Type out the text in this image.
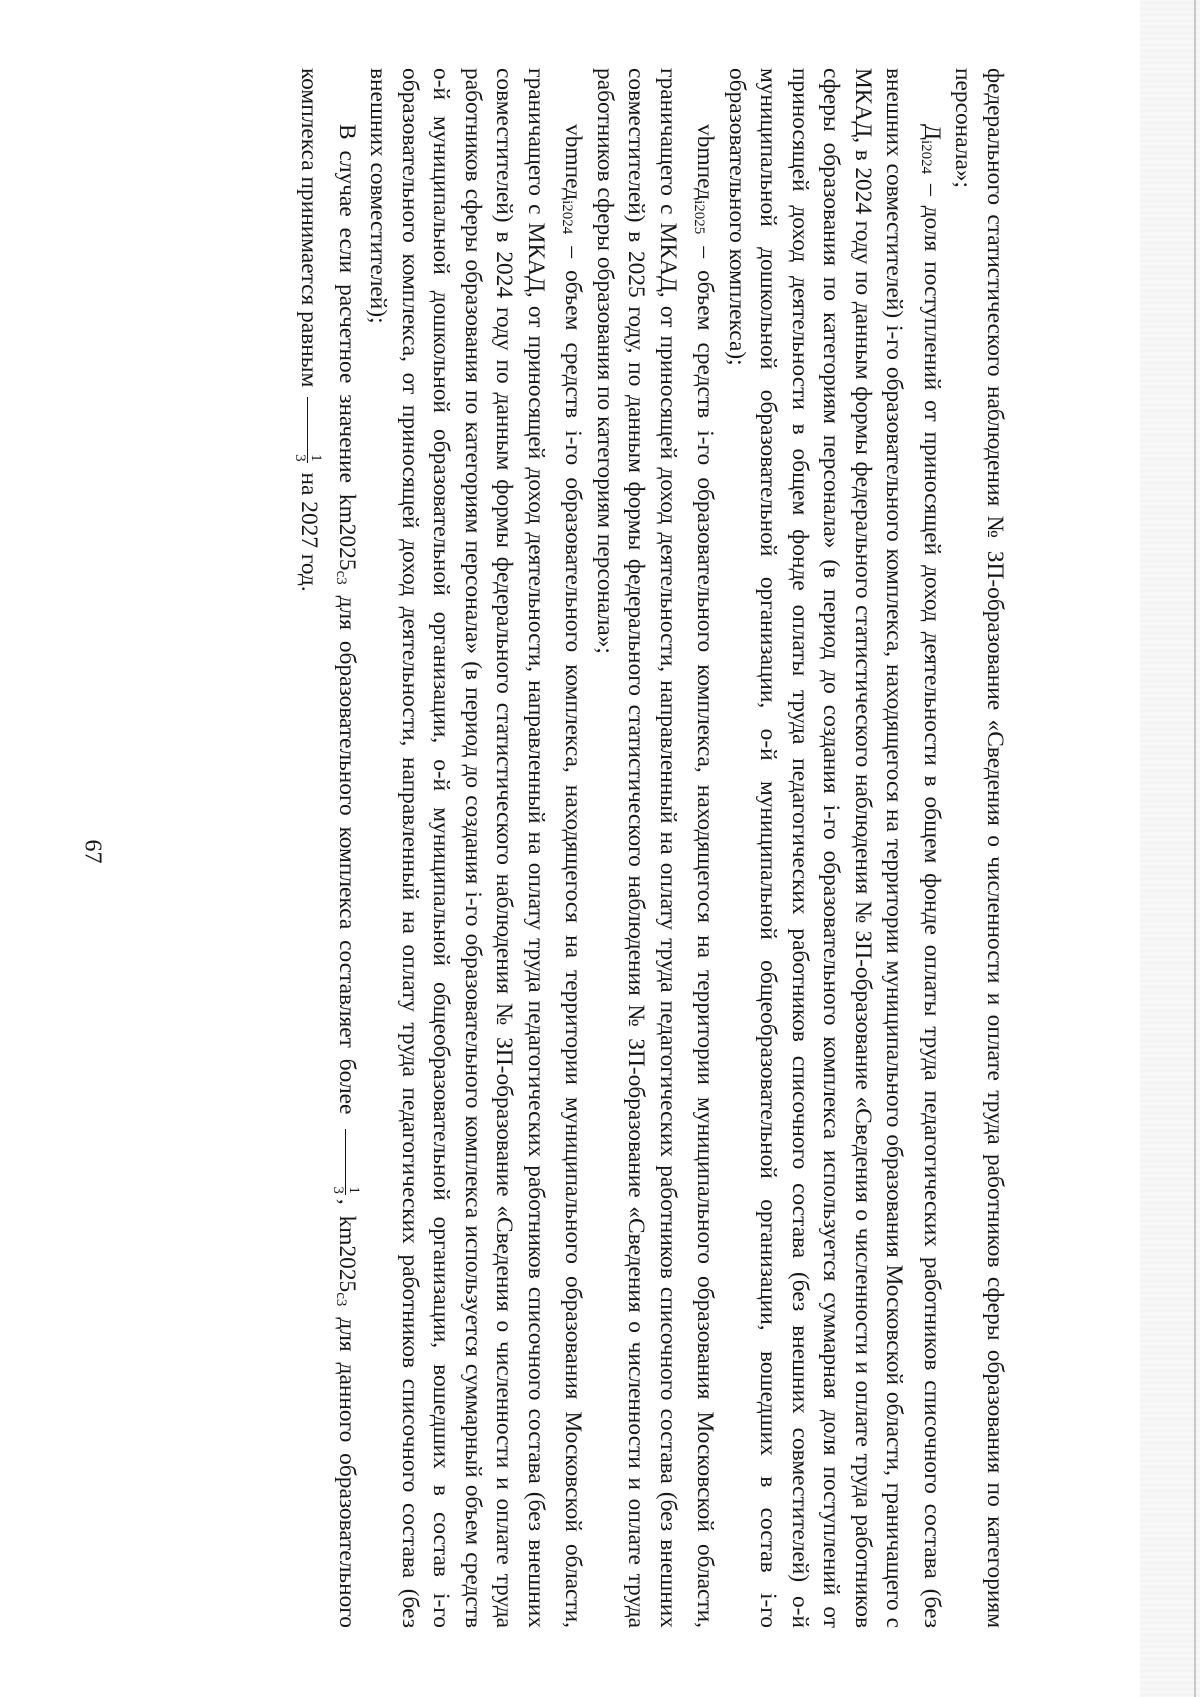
67	федерального статистического наблюдения № ЗП-образование «Сведения о численности и оплате труда работников сферы образования по категориям персонала»;

$Д_{i2024}$ – доля поступлений от приносящей доход деятельности в общем фонде оплаты труда педагогических работников списочного состава (без внешних совместителей) i-го образовательного комплекса, находящегося на территории муниципального образования Московской области, граничащего с МКАД, в 2024 году по данным формы федерального статистического наблюдения № ЗП-образование «Сведения о численности и оплате труда работников сферы образования по категориям персонала» (в период до создания i-го образовательного комплекса используется суммарная доля поступлений от приносящей доход деятельности в общем фонде оплаты труда педагогических работников списочного состава (без внешних совместителей) о-й муниципальной дошкольной образовательной организации, о-й муниципальной общеобразовательной организации, вошедших в состав i-го образовательного комплекса);

vbmпед$_{i2025}$ – объем средств i-го образовательного комплекса, находящегося на территории муниципального образования Московской области, граничащего с МКАД, от приносящей доход деятельности, направленный на оплату труда педагогических работников списочного состава (без внешних совместителей) в 2025 году, по данным формы федерального статистического наблюдения № ЗП-образование «Сведения о численности и оплате труда работников сферы образования по категориям персонала»;

vbmпед$_{i2024}$ – объем средств i-го образовательного комплекса, находящегося на территории муниципального образования Московской области, граничащего с МКАД, от приносящей доход деятельности, направленный на оплату труда педагогических работников списочного состава (без внешних совместителей) в 2024 году по данным формы федерального статистического наблюдения № ЗП-образование «Сведения о численности и оплате труда работников сферы образования по категориям персонала» (в период до создания i-го образовательного комплекса используется суммарный объем средств о-й муниципальной дошкольной образовательной организации, о-й муниципальной общеобразовательной организации, вошедших в состав i-го образовательного комплекса, от приносящей доход деятельности, направленный на оплату труда педагогических работников списочного состава (без внешних совместителей);

В случае если расчетное значение $km2025_{c3}$ для образовательного комплекса составляет более
1
3
, $km2025_{c3}$ для данного образовательного комплекса принимается равным
1
3
на 2027 год.
